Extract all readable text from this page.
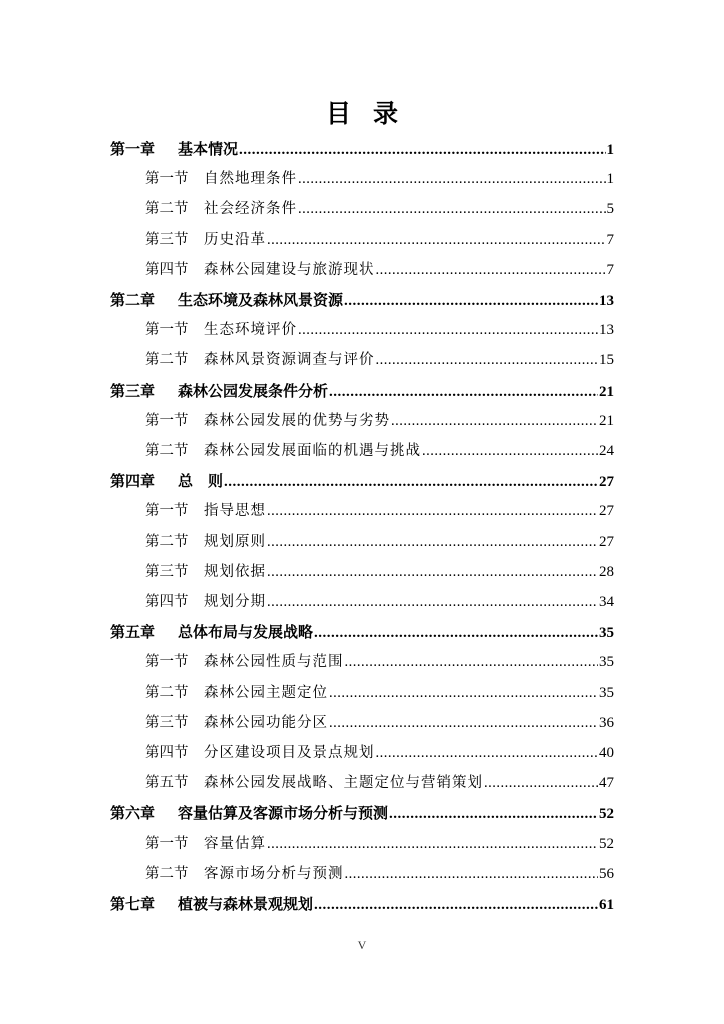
目 录
第一章	基本情况 .....	1
第一节	自然地理条件 .....	1
第二节	社会经济条件 .....	5
第三节	历史沿革 .....	7
第四节	森林公园建设与旅游现状 .....	7
第二章	生态环境及森林风景资源 .....	13
第一节	生态环境评价 .....	13
第二节	森林风景资源调查与评价 .....	15
第三章	森林公园发展条件分析 .....	21
第一节	森林公园发展的优势与劣势 .....	21
第二节	森林公园发展面临的机遇与挑战 .....	24
第四章	总　则 .....	27
第一节	指导思想 .....	27
第二节	规划原则 .....	27
第三节	规划依据 .....	28
第四节	规划分期 .....	34
第五章	总体布局与发展战略 .....	35
第一节	森林公园性质与范围 .....	35
第二节	森林公园主题定位 .....	35
第三节	森林公园功能分区 .....	36
第四节	分区建设项目及景点规划 .....	40
第五节	森林公园发展战略、主题定位与营销策划 .....	47
第六章	容量估算及客源市场分析与预测 .....	52
第一节	容量估算 .....	52
第二节	客源市场分析与预测 .....	56
第七章	植被与森林景观规划 .....	61
V
